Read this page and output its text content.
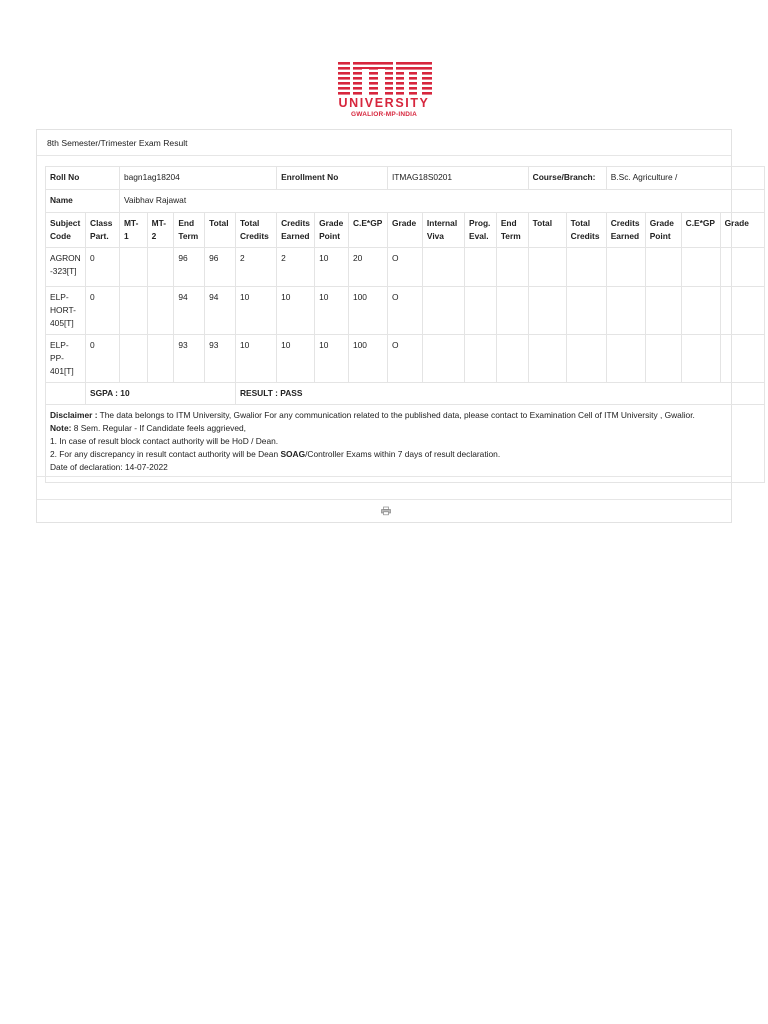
UNIVERSITY
GWALIOR-MP-INDIA
8th Semester/Trimester Exam Result
Roll No		bagn1ag18204					Enrollment No			ITMAG18S0201				Course/Branch:		B.Sc. Agriculture /			
Name		Vaibhav Rajawat																	
Subject Code	Class Part.	MT-1	MT-2	End Term	Total	Total Credits	Credits Earned	Grade Point	C.E*GP	Grade	Internal Viva	Prog. Eval.	End Term	Total	Total Credits	Credits Earned	Grade Point	C.E*GP	Grade
AGRON-323[T]	0			96	96	2	2	10	20	O									
ELP-HORT-405[T]	0			94	94	10	10	10	100	O									
ELP-PP-401[T]	0			93	93	10	10	10	100	O									
	SGPA : 10					RESULT : PASS													
Disclaimer : The data belongs to ITM University, Gwalior For any communication related to the published data, please contact to Examination Cell of ITM University , Gwalior.
Note: 8 Sem. Regular - If Candidate feels aggrieved,
1. In case of result block contact authority will be HoD / Dean.
2. For any discrepancy in result contact authority will be Dean SOAG/Controller Exams within 7 days of result declaration.
Date of declaration: 14-07-2022																			
